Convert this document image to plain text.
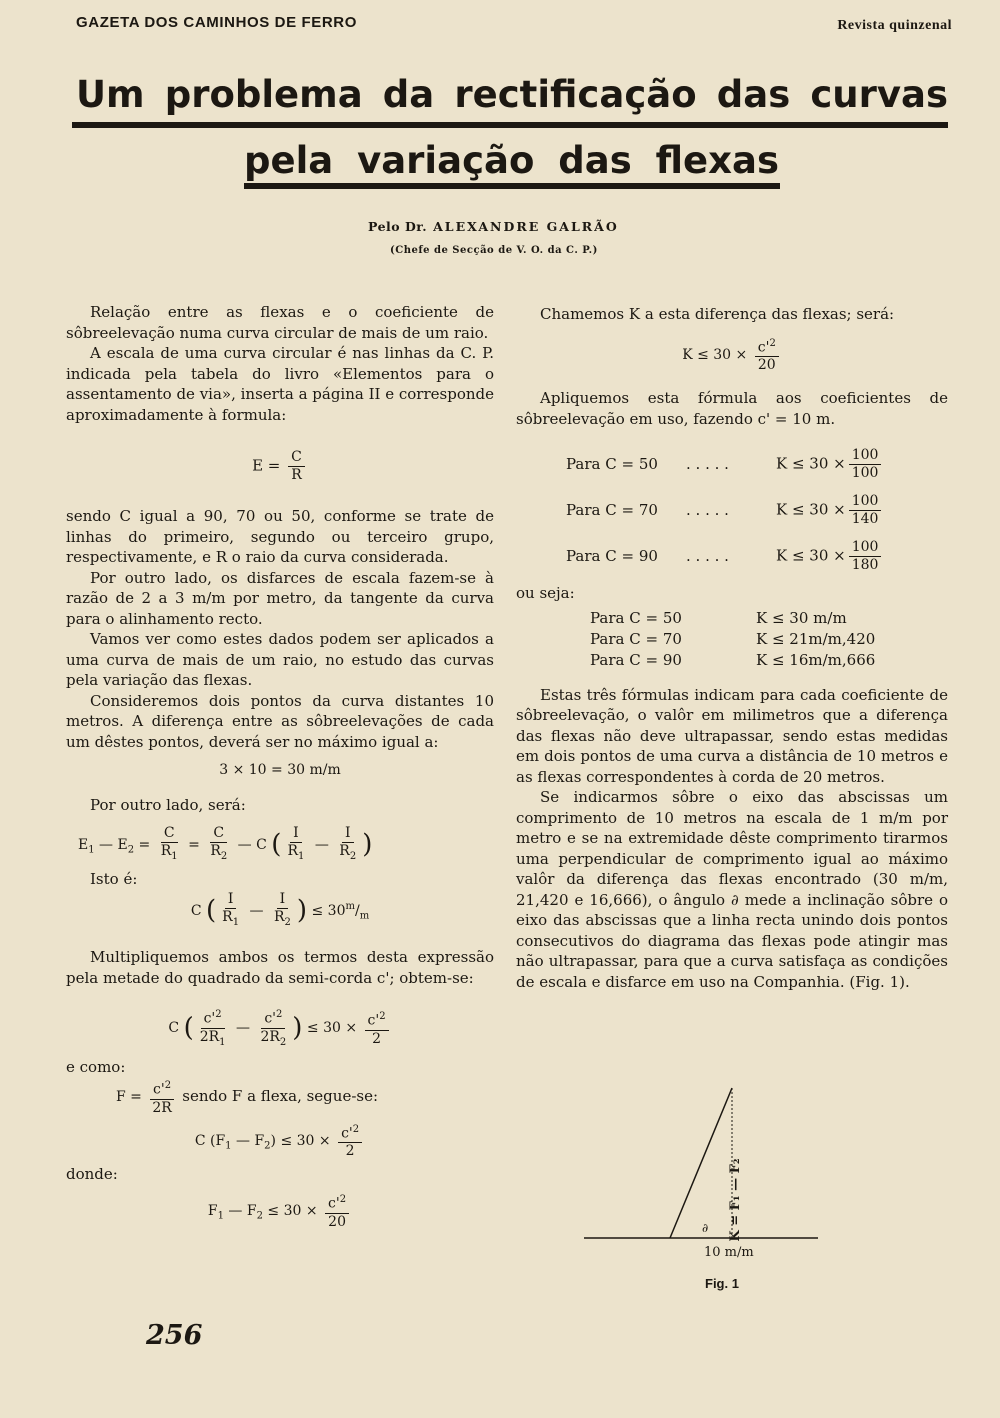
GAZETA DOS CAMINHOS DE FERRO	Revista quinzenal
Um problema da rectificação das curvas
pela variação das flexas
Pelo Dr. ALEXANDRE GALRÃO
(Chefe de Secção de V. O. da C. P.)

Relação entre as flexas e o coeficiente de sôbreelevação numa curva circular de mais de um raio.

A escala de uma curva circular é nas linhas da C. P. indicada pela tabela do livro «Elementos para o assentamento de via», inserta a página II e corresponde aproximadamente à formula:

$E = \frac{C}{R}$

sendo C igual a 90, 70 ou 50, conforme se trate de linhas do primeiro, segundo ou terceiro grupo, respectivamente, e R o raio da curva considerada.

Por outro lado, os disfarces de escala fazem-se à razão de 2 a 3 m/m por metro, da tangente da curva para o alinhamento recto.

Vamos ver como estes dados podem ser aplicados a uma curva de mais de um raio, no estudo das curvas pela variação das flexas.

Consideremos dois pontos da curva distantes 10 metros. A diferença entre as sôbreelevações de cada um dêstes pontos, deverá ser no máximo igual a:

3 × 10 = 30 m/m

Por outro lado, será:

$E_1$ — $E_2 = \frac{C}{R_1} = \frac{C}{R_2}$ — C ( $\frac{I}{R_1}$ — $\frac{I}{R_2}$ )

Isto é:

C ( $\frac{I}{R_1}$ — $\frac{I}{R_2}$ ) ≤ $30^m/_m$

Multipliquemos ambos os termos desta expressão pela metade do quadrado da semi-corda c'; obtem-se:

C ( $\frac{c'^2}{2R_1}$ — $\frac{c'^2}{2R_2}$ ) ≤ $30 \times \frac{c'^2}{2}$

e como:

$F = \frac{c'^2}{2R}$ sendo F a flexa, segue-se:
C ($F_1$ — $F_2) \le 30 \times \frac{c'^2}{2}$

donde:

$F_1$ — $F_2 \le 30 \times \frac{c'^2}{20}$

Chamemos K a esta diferença das flexas; será:

$K \le 30 \times \frac{c'^2}{20}$

Apliquemos esta fórmula aos coeficientes de sôbreelevação em uso, fazendo c' = 10 m.

	Para C = 50	. . . . .	$K \le 30 \times \frac{100}{100}$

	Para C = 70	. . . . .	$K \le 30 \times \frac{100}{140}$

	Para C = 90	. . . . .	$K \le 30 \times \frac{100}{180}$

ou seja:

	Para C = 50	K ≤ 30 m/m
	Para C = 70	K ≤ 21m/m,420
	Para C = 90	K ≤ 16m/m,666

Estas três fórmulas indicam para cada coeficiente de sôbreelevação, o valôr em milimetros que a diferença das flexas não deve ultrapassar, sendo estas medidas em dois pontos de uma curva a distância de 10 metros e as flexas correspondentes à corda de 20 metros.

Se indicarmos sôbre o eixo das abscissas um comprimento de 10 metros na escala de 1 m/m por metro e se na extremidade dêste comprimento tirarmos uma perpendicular de comprimento igual ao máximo valôr da diferença das flexas encontrado (30 m/m, 21,420 e 16,666), o ângulo ∂ mede a inclinação sôbre o eixo das abscissas que a linha recta unindo dois pontos consecutivos do diagrama das flexas pode atingir mas não ultrapassar, para que a curva satisfaça as condições de escala e disfarce em uso na Companhia. (Fig. 1).

K = F₁ — F₂
∂
10 m/m
Fig. 1
256
